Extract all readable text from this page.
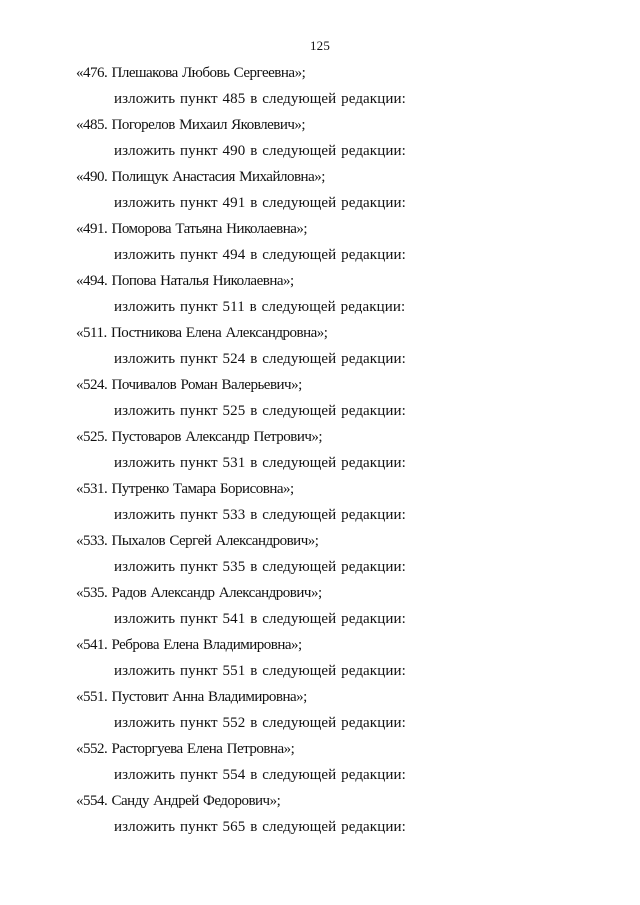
125
«476. Плешакова Любовь Сергеевна»;
изложить пункт 485 в следующей редакции:
«485. Погорелов Михаил Яковлевич»;
изложить пункт 490 в следующей редакции:
«490. Полищук Анастасия Михайловна»;
изложить пункт 491 в следующей редакции:
«491. Поморова Татьяна Николаевна»;
изложить пункт 494 в следующей редакции:
«494. Попова Наталья Николаевна»;
изложить пункт 511 в следующей редакции:
«511. Постникова Елена Александровна»;
изложить пункт 524 в следующей редакции:
«524. Почивалов Роман Валерьевич»;
изложить пункт 525 в следующей редакции:
«525. Пустоваров Александр Петрович»;
изложить пункт 531 в следующей редакции:
«531. Путренко Тамара Борисовна»;
изложить пункт 533 в следующей редакции:
«533. Пыхалов Сергей Александрович»;
изложить пункт 535 в следующей редакции:
«535. Радов Александр Александрович»;
изложить пункт 541 в следующей редакции:
«541. Реброва Елена Владимировна»;
изложить пункт 551 в следующей редакции:
«551. Пустовит Анна Владимировна»;
изложить пункт 552 в следующей редакции:
«552. Расторгуева Елена Петровна»;
изложить пункт 554 в следующей редакции:
«554. Санду Андрей Федорович»;
изложить пункт 565 в следующей редакции:
